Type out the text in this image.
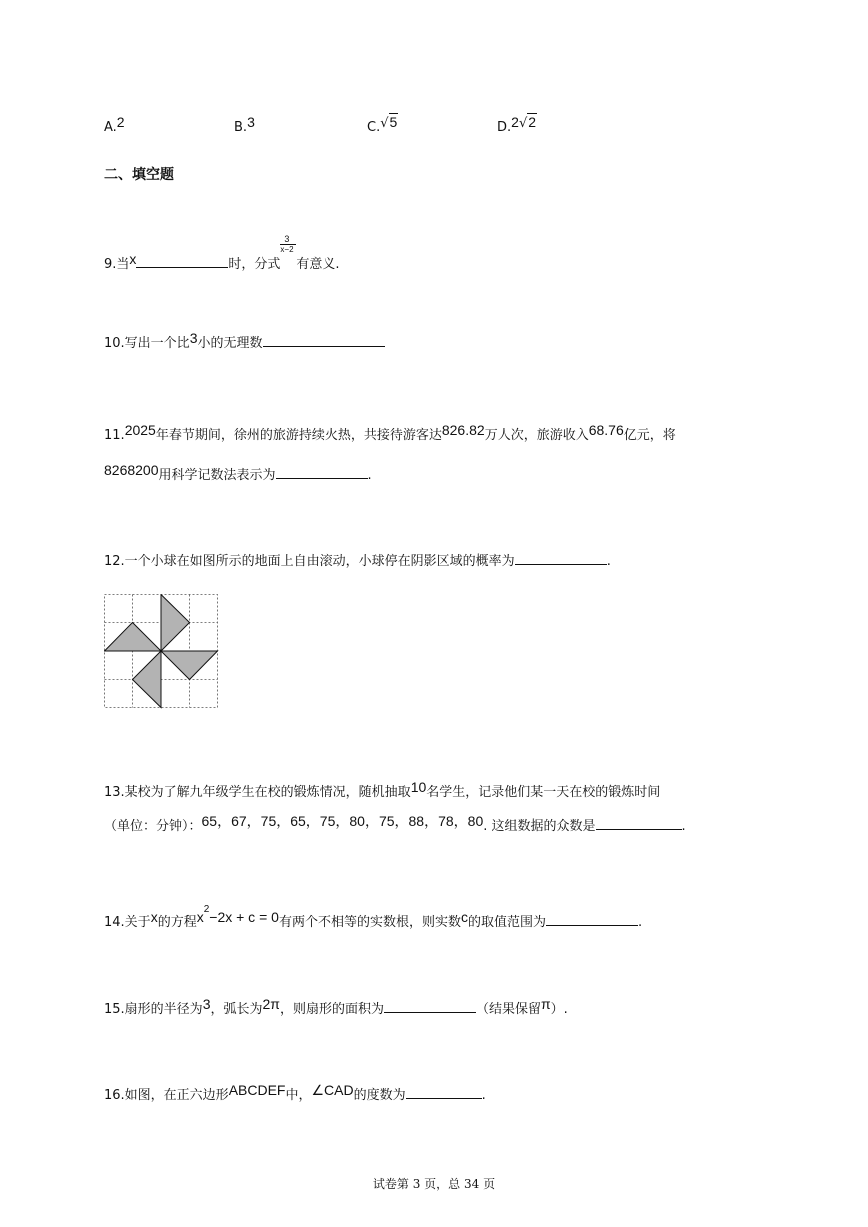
A.2	B.3	C.√5	D.2√2
二、填空题
9.当x	时，分式 $\frac{3}{x-2}$ 有意义.
10.写出一个比3小的无理数
11.2025年春节期间，徐州的旅游持续火热，共接待游客达826.82万人次，旅游收入68.76亿元，将
8268200用科学记数法表示为	.
12.一个小球在如图所示的地面上自由滚动，小球停在阴影区域的概率为	.
13.某校为了解九年级学生在校的锻炼情况，随机抽取10名学生，记录他们某一天在校的锻炼时间
（单位：分钟）：65，67，75，65，75，80，75，88，78，80. 这组数据的众数是	.
14.关于x的方程$x^2-2x + c = 0$有两个不相等的实数根，则实数c的取值范围为	.
15.扇形的半径为3，弧长为2π，则扇形的面积为	（结果保留π）.
16.如图，在正六边形ABCDEF中，∠CAD的度数为	.
试卷第 3 页，总 34 页
